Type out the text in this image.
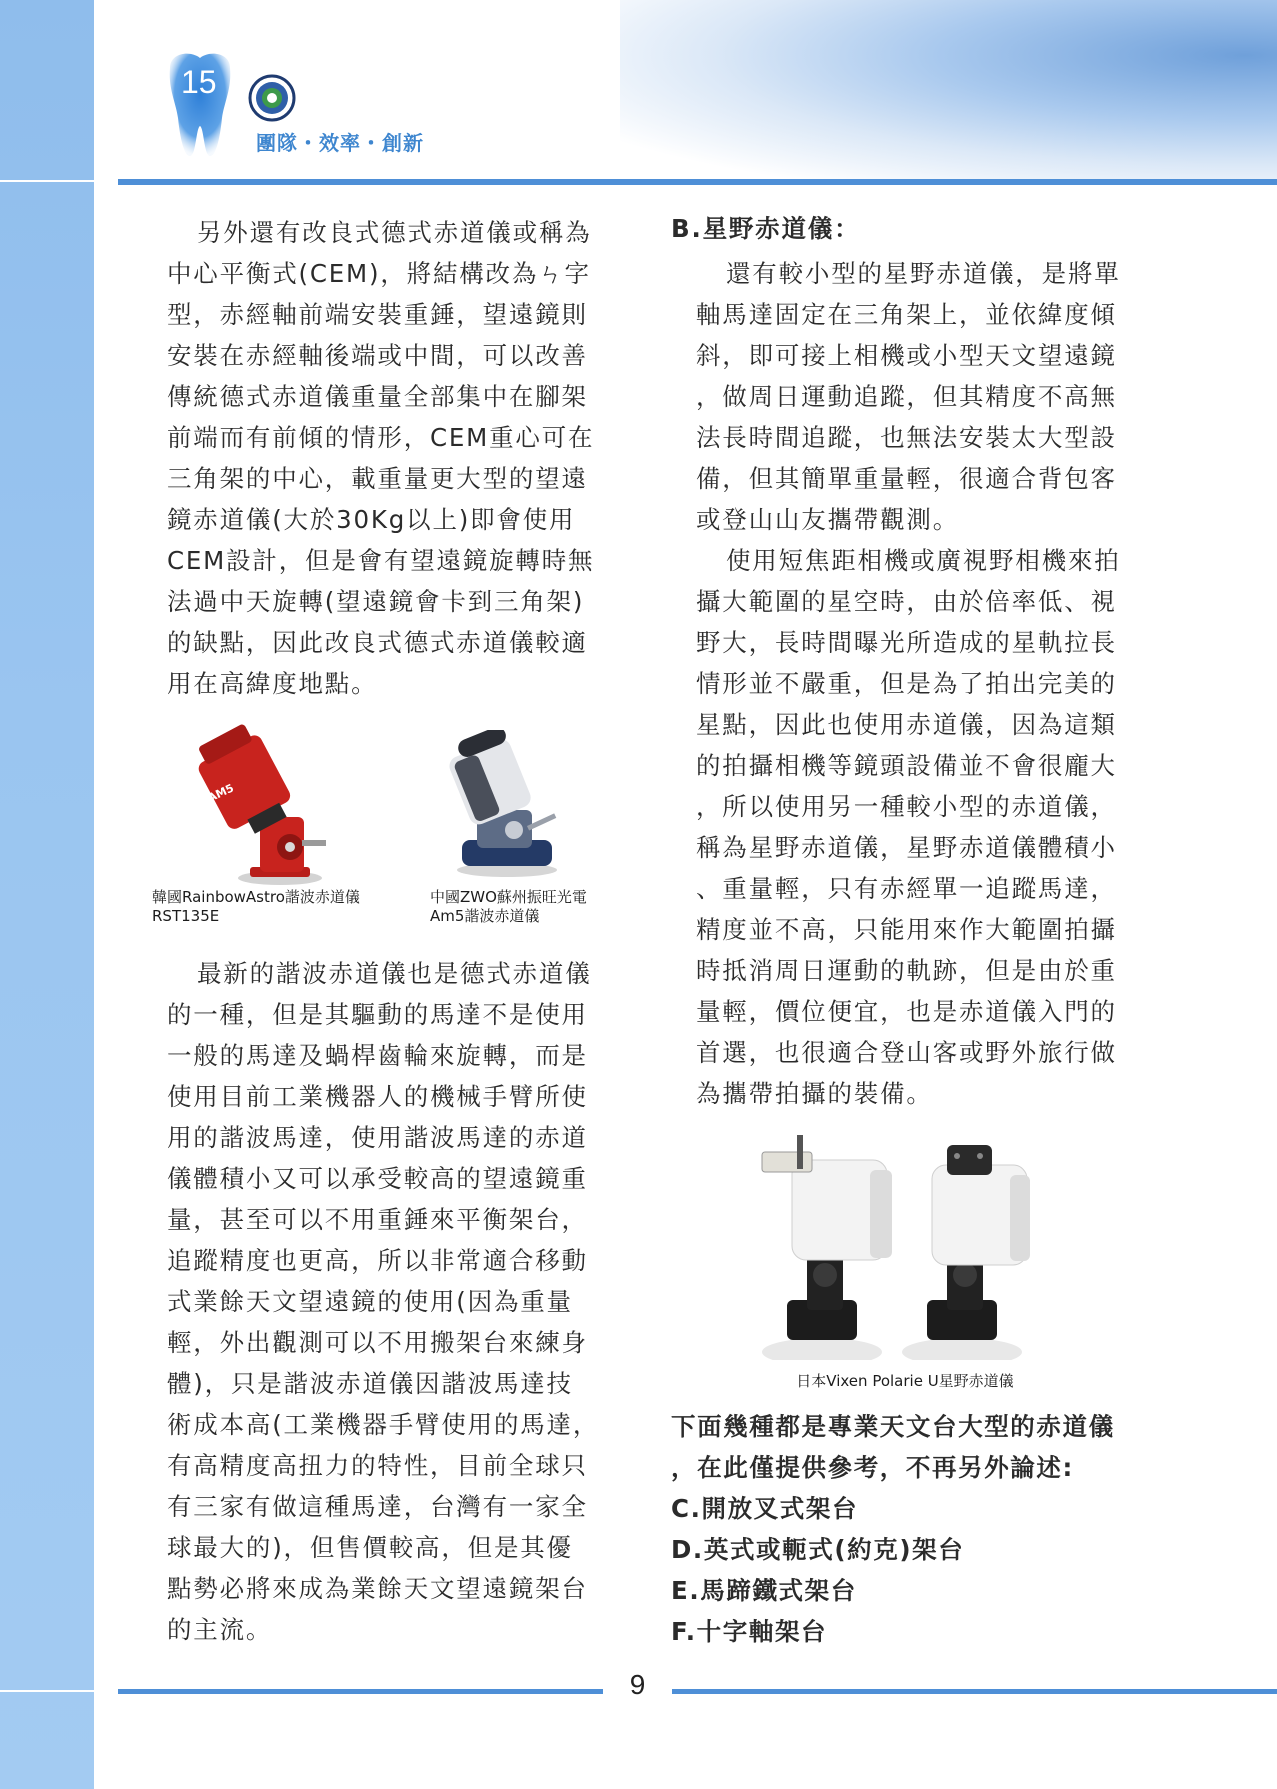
15
團隊・效率・創新

另外還有改良式德式赤道儀或稱為

中心平衡式(CEM)，將結構改為ㄣ字

型，赤經軸前端安裝重錘，望遠鏡則

安裝在赤經軸後端或中間，可以改善

傳統德式赤道儀重量全部集中在腳架

前端而有前傾的情形，CEM重心可在

三角架的中心，載重量更大型的望遠

鏡赤道儀(大於30Kg以上)即會使用

CEM設計，但是會有望遠鏡旋轉時無

法過中天旋轉(望遠鏡會卡到三角架)

的缺點，因此改良式德式赤道儀較適

用在高緯度地點。

AM5
韓國RainbowAstro諧波赤道儀
RST135E
中國ZWO蘇州振旺光電
Am5諧波赤道儀

最新的諧波赤道儀也是德式赤道儀

的一種，但是其驅動的馬達不是使用

一般的馬達及蝸桿齒輪來旋轉，而是

使用目前工業機器人的機械手臂所使

用的諧波馬達，使用諧波馬達的赤道

儀體積小又可以承受較高的望遠鏡重

量，甚至可以不用重錘來平衡架台，

追蹤精度也更高，所以非常適合移動

式業餘天文望遠鏡的使用(因為重量

輕，外出觀測可以不用搬架台來練身

體)，只是諧波赤道儀因諧波馬達技

術成本高(工業機器手臂使用的馬達，

有高精度高扭力的特性，目前全球只

有三家有做這種馬達，台灣有一家全

球最大的)，但售價較高，但是其優

點勢必將來成為業餘天文望遠鏡架台

的主流。

B.星野赤道儀：

還有較小型的星野赤道儀，是將單

軸馬達固定在三角架上，並依緯度傾

斜，即可接上相機或小型天文望遠鏡

，做周日運動追蹤，但其精度不高無

法長時間追蹤，也無法安裝太大型設

備，但其簡單重量輕，很適合背包客

或登山山友攜帶觀測。

使用短焦距相機或廣視野相機來拍

攝大範圍的星空時，由於倍率低、視

野大，長時間曝光所造成的星軌拉長

情形並不嚴重，但是為了拍出完美的

星點，因此也使用赤道儀，因為這類

的拍攝相機等鏡頭設備並不會很龐大

，所以使用另一種較小型的赤道儀，

稱為星野赤道儀，星野赤道儀體積小

、重量輕，只有赤經單一追蹤馬達，

精度並不高，只能用來作大範圍拍攝

時抵消周日運動的軌跡，但是由於重

量輕，價位便宜，也是赤道儀入門的

首選，也很適合登山客或野外旅行做

為攜帶拍攝的裝備。

日本Vixen Polarie U星野赤道儀

下面幾種都是專業天文台大型的赤道儀

，在此僅提供參考，不再另外論述:

C.開放叉式架台

D.英式或軛式(約克)架台

E.馬蹄鐵式架台

F.十字軸架台

9
